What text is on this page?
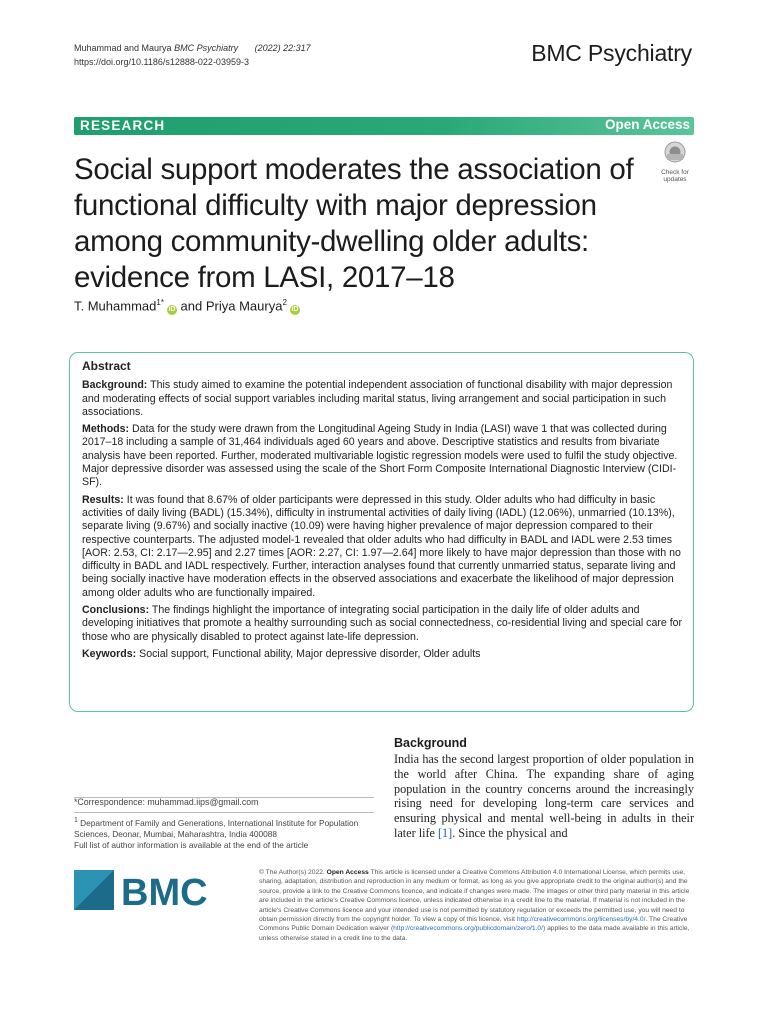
Muhammad and Maurya BMC Psychiatry (2022) 22:317
https://doi.org/10.1186/s12888-022-03959-3	BMC Psychiatry
RESEARCH	Open Access
Social support moderates the association of functional difficulty with major depression among community-dwelling older adults: evidence from LASI, 2017–18
Check for
updates
T. Muhammad$^{1*}$iD and Priya Maurya$^2$iD
Abstract

Background: This study aimed to examine the potential independent association of functional disability with major depression and moderating effects of social support variables including marital status, living arrangement and social participation in such associations.

Methods: Data for the study were drawn from the Longitudinal Ageing Study in India (LASI) wave 1 that was collected during 2017–18 including a sample of 31,464 individuals aged 60 years and above. Descriptive statistics and results from bivariate analysis have been reported. Further, moderated multivariable logistic regression models were used to fulfil the study objective. Major depressive disorder was assessed using the scale of the Short Form Composite International Diagnostic Interview (CIDI-SF).

Results: It was found that 8.67% of older participants were depressed in this study. Older adults who had difficulty in basic activities of daily living (BADL) (15.34%), difficulty in instrumental activities of daily living (IADL) (12.06%), unmarried (10.13%), separate living (9.67%) and socially inactive (10.09) were having higher prevalence of major depression compared to their respective counterparts. The adjusted model-1 revealed that older adults who had difficulty in BADL and IADL were 2.53 times [AOR: 2.53, CI: 2.17—2.95] and 2.27 times [AOR: 2.27, CI: 1.97—2.64] more likely to have major depression than those with no difficulty in BADL and IADL respectively. Further, interaction analyses found that currently unmarried status, separate living and being socially inactive have moderation effects in the observed associations and exacerbate the likelihood of major depression among older adults who are functionally impaired.

Conclusions: The findings highlight the importance of integrating social participation in the daily life of older adults and developing initiatives that promote a healthy surrounding such as social connectedness, co-residential living and special care for those who are physically disabled to protect against late-life depression.

Keywords: Social support, Functional ability, Major depressive disorder, Older adults

Background
India has the second largest proportion of older population in the world after China. The expanding share of aging population in the country concerns around the increasingly rising need for developing long-term care services and ensuring physical and mental well-being in adults in their later life [1]. Since the physical and
*Correspondence: muhammad.iips@gmail.com
$^1$ Department of Family and Generations, International Institute for Population Sciences, Deonar, Mumbai, Maharashtra, India 400088
Full list of author information is available at the end of the article
BMC	© The Author(s) 2022. Open Access This article is licensed under a Creative Commons Attribution 4.0 International License, which permits use, sharing, adaptation, distribution and reproduction in any medium or format, as long as you give appropriate credit to the original author(s) and the source, provide a link to the Creative Commons licence, and indicate if changes were made. The images or other third party material in this article are included in the article's Creative Commons licence, unless indicated otherwise in a credit line to the material. If material is not included in the article's Creative Commons licence and your intended use is not permitted by statutory regulation or exceeds the permitted use, you will need to obtain permission directly from the copyright holder. To view a copy of this licence, visit http://creativecommons.org/licenses/by/4.0/. The Creative Commons Public Domain Dedication waiver (http://creativecommons.org/publicdomain/zero/1.0/) applies to the data made available in this article, unless otherwise stated in a credit line to the data.
